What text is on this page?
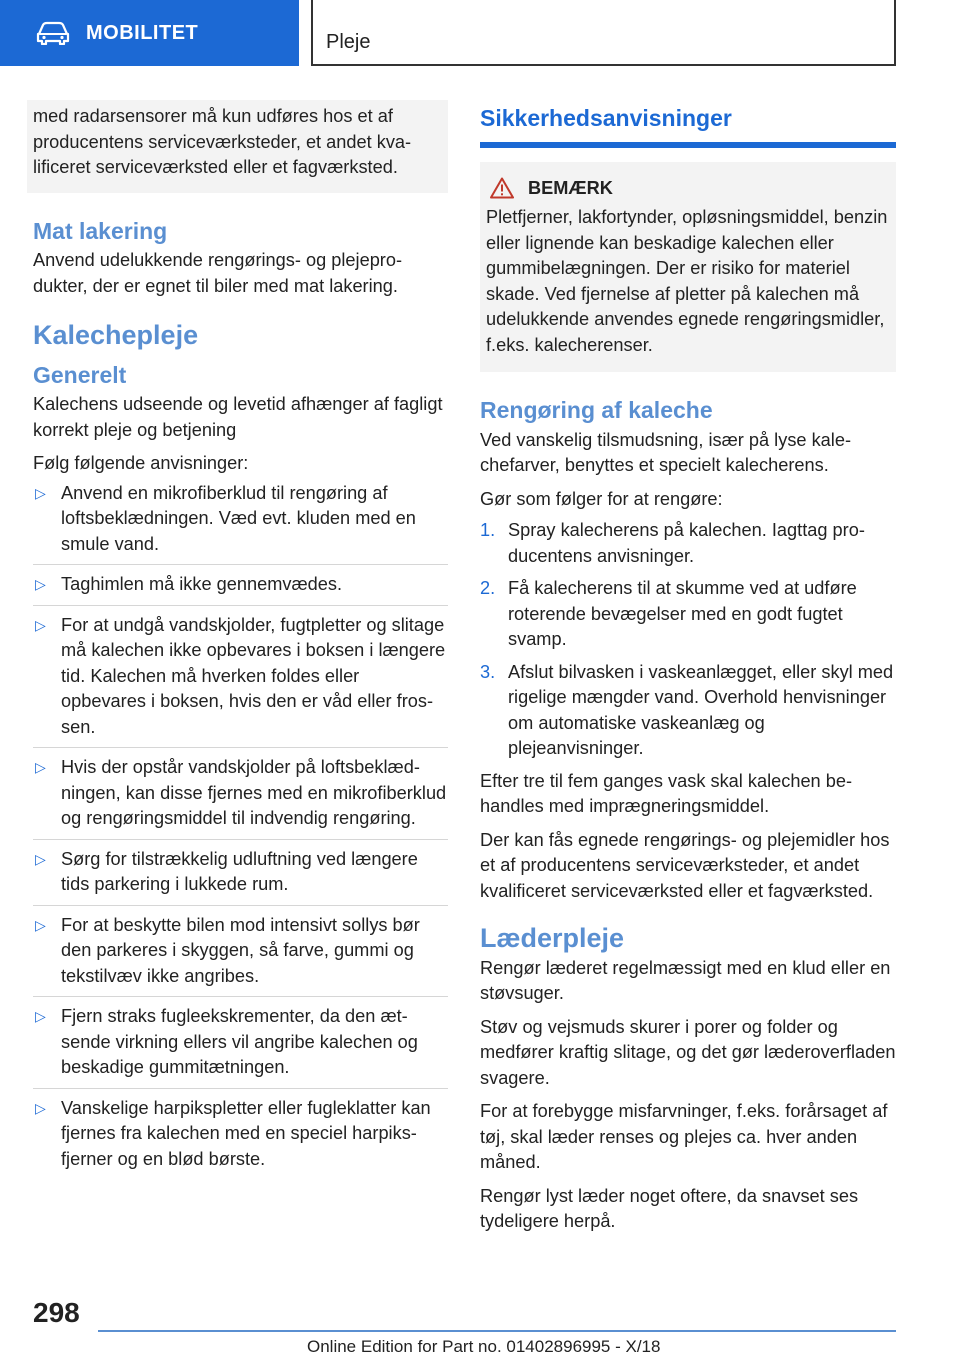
MOBILITET	Pleje

med radarsensorer må kun udføres hos et af producentens serviceværksteder, et andet kvalificeret serviceværksted eller et fagværksted.

Mat lakering

Anvend udelukkende rengørings- og plejeprodukter, der er egnet til biler med mat lakering.

Kalechepleje
Generelt

Kalechens udseende og levetid afhænger af fagligt korrekt pleje og betjening

Følg følgende anvisninger:

▷ Anvend en mikrofiberklud til rengøring af loftsbeklædningen. Væd evt. kluden med en smule vand.
▷ Taghimlen må ikke gennemvædes.
▷ For at undgå vandskjolder, fugtpletter og slitage må kalechen ikke opbevares i boksen i længere tid. Kalechen må hverken foldes eller opbevares i boksen, hvis den er våd eller frossen.
▷ Hvis der opstår vandskjolder på loftsbeklædningen, kan disse fjernes med en mikrofiberklud og rengøringsmiddel til indvendig rengøring.
▷ Sørg for tilstrækkelig udluftning ved længere tids parkering i lukkede rum.
▷ For at beskytte bilen mod intensivt sollys bør den parkeres i skyggen, så farve, gummi og tekstilvæv ikke angribes.
▷ Fjern straks fugleekskrementer, da den ætsende virkning ellers vil angribe kalechen og beskadige gummitætningen.
▷ Vanskelige harpikspletter eller fugleklatter kan fjernes fra kalechen med en speciel harpiksfjerner og en blød børste.
Sikkerhedsanvisninger
BEMÆRK

Pletfjerner, lakfortynder, opløsningsmiddel, benzin eller lignende kan beskadige kalechen eller gummibelægningen. Der er risiko for materiel skade. Ved fjernelse af pletter på kalechen må udelukkende anvendes egnede rengøringsmidler, f.eks. kalecherenser.

Rengøring af kaleche

Ved vanskelig tilsmudsning, især på lyse kalechefarver, benyttes et specielt kalecherens.

Gør som følger for at rengøre:

1. Spray kalecherens på kalechen. Iagttag producentens anvisninger.
2. Få kalecherens til at skumme ved at udføre roterende bevægelser med en godt fugtet svamp.
3. Afslut bilvasken i vaskeanlægget, eller skyl med rigelige mængder vand. Overhold henvisninger om automatiske vaskeanlæg og plejeanvisninger.

Efter tre til fem ganges vask skal kalechen behandles med imprægneringsmiddel.

Der kan fås egnede rengørings- og plejemidler hos et af producentens serviceværksteder, et andet kvalificeret serviceværksted eller et fagværksted.

Læderpleje

Rengør læderet regelmæssigt med en klud eller en støvsuger.

Støv og vejsmuds skurer i porer og folder og medfører kraftig slitage, og det gør læderoverfladen svagere.

For at forebygge misfarvninger, f.eks. forårsaget af tøj, skal læder renses og plejes ca. hver anden måned.

Rengør lyst læder noget oftere, da snavset ses tydeligere herpå.

298
Online Edition for Part no. 01402896995 - X/18
